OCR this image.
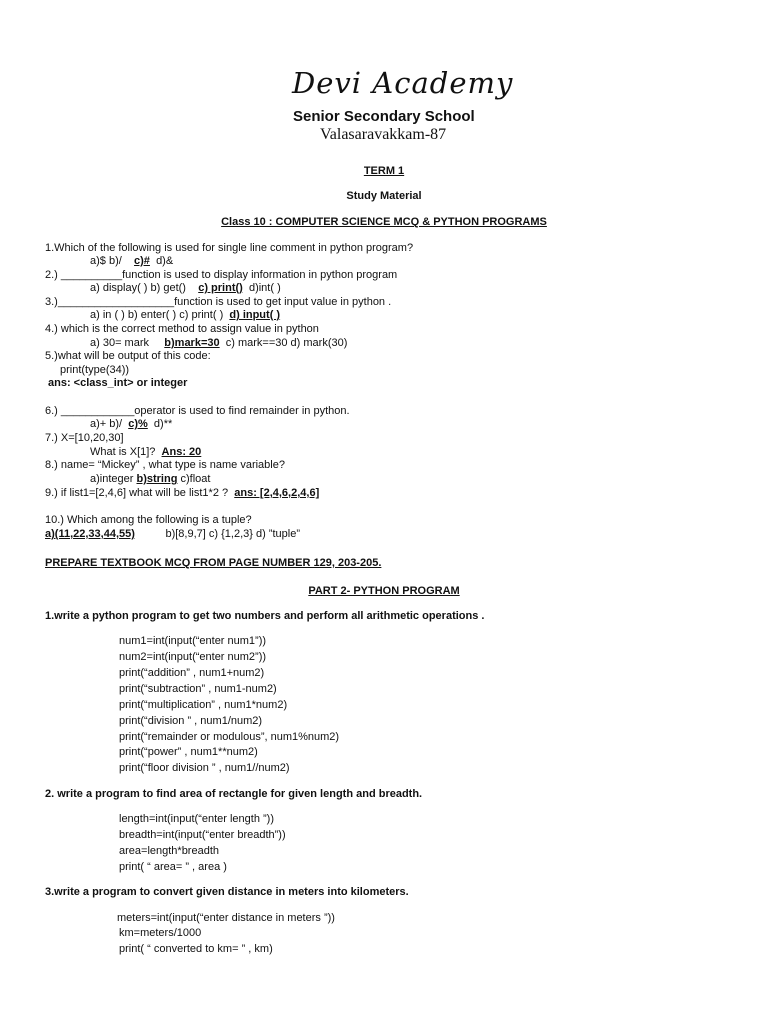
Devi Academy
Senior Secondary School
Valasaravakkam-87
TERM 1
Study Material
Class 10 : COMPUTER SCIENCE MCQ & PYTHON PROGRAMS
1.Which of the following is used for single line comment in python program?
a)$ b)/ c)# d)&
2.) __________function is used to display information in python program
a) display( ) b) get() c) print() d)int( )
3.)___________________function is used to get input value in python .
a) in ( ) b) enter( ) c) print( ) d) input( )
4.) which is the correct method to assign value in python
a) 30= mark b)mark=30 c) mark==30 d) mark(30)
5.)what will be output of this code:
print(type(34))
ans: <class_int> or integer
6.) ____________operator is used to find remainder in python.
a)+ b)/ c)% d)**
7.) X=[10,20,30]
What is X[1]? Ans: 20
8.) name= “Mickey” , what type is name variable?
a)integer b)string c)float
9.) if list1=[2,4,6] what will be list1*2 ? ans: [2,4,6,2,4,6]
10.) Which among the following is a tuple?
a)(11,22,33,44,55)	b)[8,9,7] c) {1,2,3} d) ”tuple”
PREPARE TEXTBOOK MCQ FROM PAGE NUMBER 129, 203-205.
PART 2- PYTHON PROGRAM
1.write a python program to get two numbers and perform all arithmetic operations .
num1=int(input(“enter num1”))
num2=int(input(“enter num2”))
print(“addition” , num1+num2)
print(“subtraction” , num1-num2)
print(“multiplication” , num1*num2)
print(“division ” , num1/num2)
print(“remainder or modulous”, num1%num2)
print(“power” , num1**num2)
print(“floor division ” , num1//num2)
2. write a program to find area of rectangle for given length and breadth.
length=int(input(“enter length ”))
breadth=int(input(“enter breadth”))
area=length*breadth
print( “ area= ” , area )
3.write a program to convert given distance in meters into kilometers.
meters=int(input(“enter distance in meters ”))
km=meters/1000
print( “ converted to km= ” , km)
